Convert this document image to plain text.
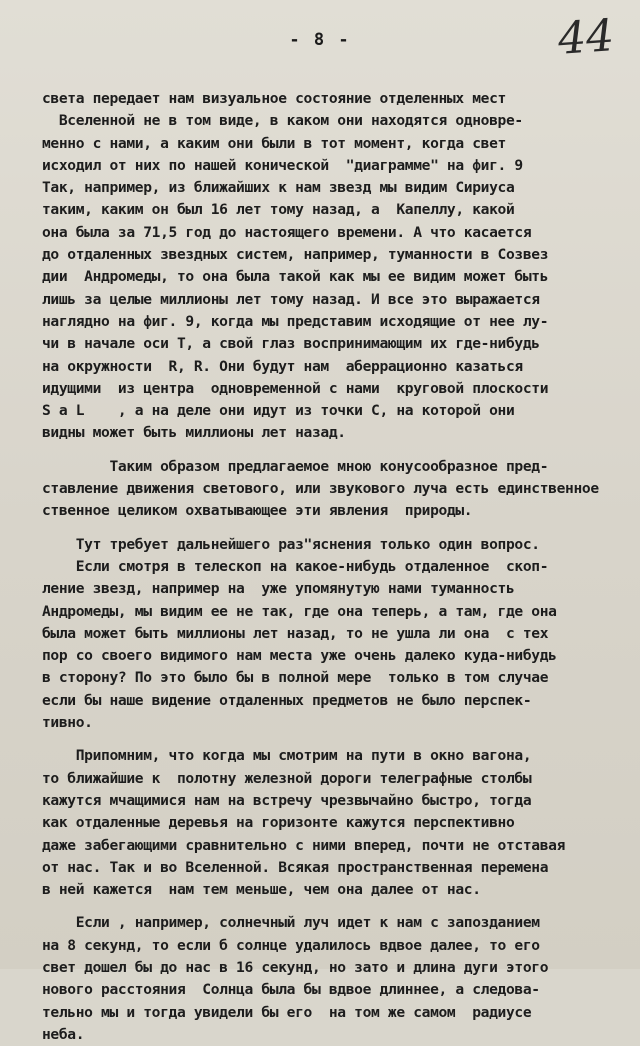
- 8 -	44
света передает нам визуальное состояние отделенных мест
Вселенной не в том виде, в каком они находятся одновре-
менно с нами, а каким они были в тот момент, когда свет
исходил от них по нашей конической  "диаграмме" на фиг. 9
Так, например, из ближайших к нам звезд мы видим Сириуса
таким, каким он был 16 лет тому назад, а  Капеллу, какой
она была за 71,5 год до настоящего времени. А что касается
до отдаленных звездных систем, например, туманности в Созвез
дии  Андромеды, то она была такой как мы ее видим может быть
лишь за целые миллионы лет тому назад. И все это выражается
наглядно на фиг. 9, когда мы представим исходящие от нее лу-
чи в начале оси Т, а свой глаз воспринимающим их где-нибудь
на окружности  R, R. Они будут нам  аберрационно казаться
идущими  из центра  одновременной с нами  круговой плоскости
S a L    , а на деле они идут из точки С, на которой они
видны может быть миллионы лет назад.
Таким образом предлагаемое мною конусообразное пред-
ставление движения светового, или звукового луча есть единственное
ственное целиком охватывающее эти явления  природы.
Тут требует дальнейшего раз"яснения только один вопрос.
Если смотря в телескоп на какое-нибудь отдаленное  скоп-
ление звезд, например на  уже упомянутую нами туманность
Андромеды, мы видим ее не так, где она теперь, а там, где она
была может быть миллионы лет назад, то не ушла ли она  с тех
пор со своего видимого нам места уже очень далеко куда-нибудь
в сторону? По это было бы в полной мере  только в том случае
если бы наше видение отдаленных предметов не было перспек-
тивно.
Припомним, что когда мы смотрим на пути в окно вагона,
то ближайшие к  полотну железной дороги телеграфные столбы
кажутся мчащимися нам на встречу чрезвычайно быстро, тогда
как отдаленные деревья на горизонте кажутся перспективно
даже забегающими сравнительно с ними вперед, почти не отставая
от нас. Так и во Вселенной. Всякая пространственная перемена
в ней кажется  нам тем меньше, чем она далее от нас.
Если , например, солнечный луч идет к нам с запозданием
на 8 секунд, то если б солнце удалилось вдвое далее, то его
свет дошел бы до нас в 16 секунд, но зато и длина дуги этого
нового расстояния  Солнца была бы вдвое длиннее, а следова-
тельно мы и тогда увидели бы его  на том же самом  радиусе
неба.
